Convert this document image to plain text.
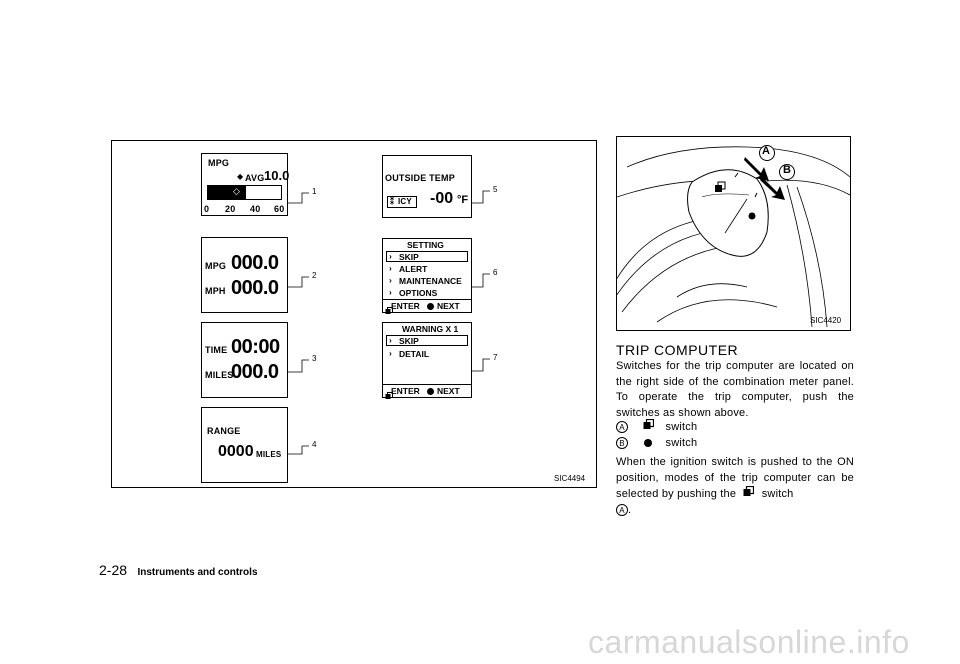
MPG
◆ AVG 10.0
◇
0 20 40 60
MPG 000.0
MPH 000.0
TIME 00:00
MILES
000.0
RANGE
0000 MILES
OUTSIDE TEMP
⁑ ICY -00 °F
SETTING
› SKIP
› ALERT
› MAINTENANCE
› OPTIONS
ENTER NEXT
WARNING X 1
› SKIP
› DETAIL
ENTER NEXT
1
2
3
4
5
6
7
SIC4494
A
B
SIC4420
TRIP COMPUTER
Switches for the trip computer are located on the right side of the combination meter panel. To operate the trip computer, push the switches as shown above.
A	switch
B	switch
When the ignition switch is pushed to the ON position, modes of the trip computer can be selected by pushing the switch
A .
2-28 Instruments and controls
carmanualsonline.info
